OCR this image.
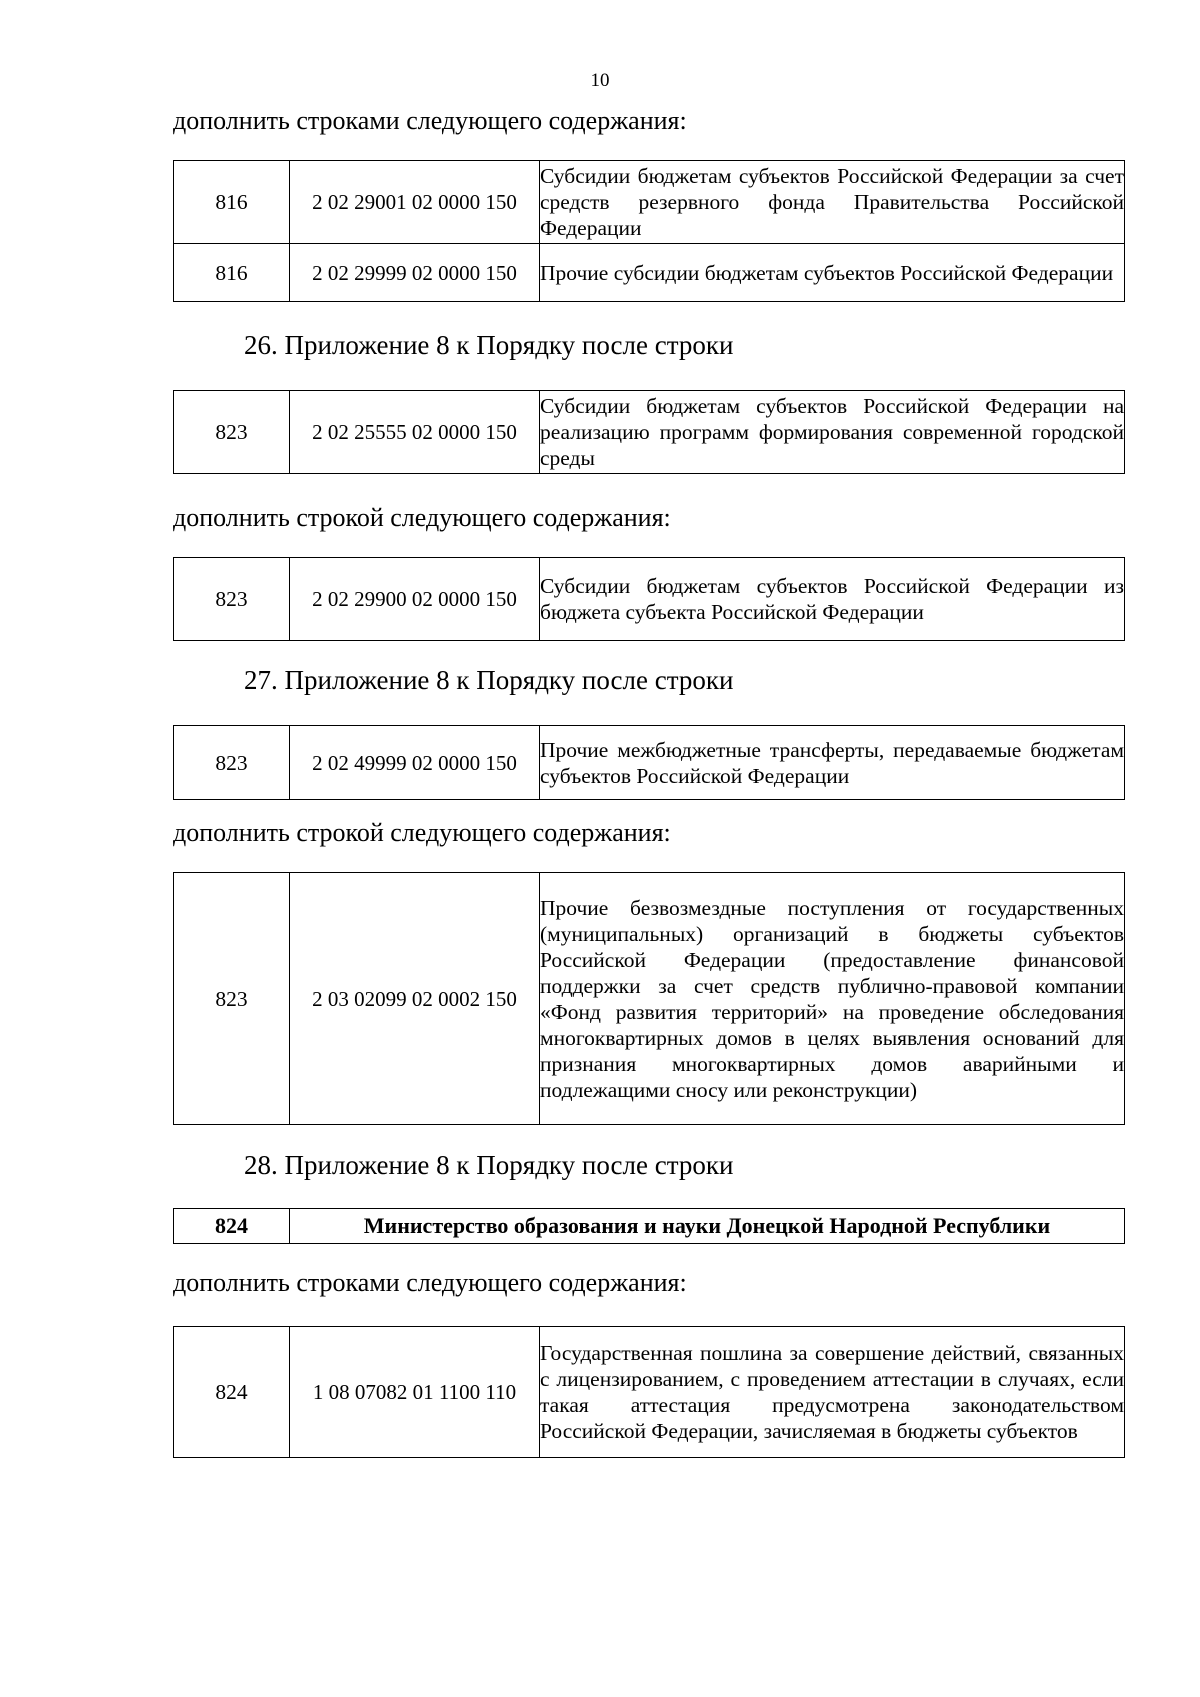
10
дополнить строками следующего содержания:
816	2 02 29001 02 0000 150	Субсидии бюджетам субъектов Российской Федерации за счет средств резервного фонда Правительства Российской Федерации
816	2 02 29999 02 0000 150	Прочие субсидии бюджетам субъектов Российской Федерации
26. Приложение 8 к Порядку после строки
823	2 02 25555 02 0000 150	Субсидии бюджетам субъектов Российской Федерации на реализацию программ формирования современной городской среды
дополнить строкой следующего содержания:
823	2 02 29900 02 0000 150	Субсидии бюджетам субъектов Российской Федерации из бюджета субъекта Российской Федерации
27. Приложение 8 к Порядку после строки
823	2 02 49999 02 0000 150	Прочие межбюджетные трансферты, передаваемые бюджетам субъектов Российской Федерации
дополнить строкой следующего содержания:
823	2 03 02099 02 0002 150	Прочие безвозмездные поступления от государственных (муниципальных) организаций в бюджеты субъектов Российской Федерации (предоставление финансовой поддержки за счет средств публично-правовой компании «Фонд развития территорий» на проведение обследования многоквартирных домов в целях выявления оснований для признания многоквартирных домов аварийными и подлежащими сносу или реконструкции)
28. Приложение 8 к Порядку после строки
824	Министерство образования и науки Донецкой Народной Республики
дополнить строками следующего содержания:
824	1 08 07082 01 1100 110	Государственная пошлина за совершение действий, связанных с лицензированием, с проведением аттестации в случаях, если такая аттестация предусмотрена законодательством Российской Федерации, зачисляемая в бюджеты субъектов
